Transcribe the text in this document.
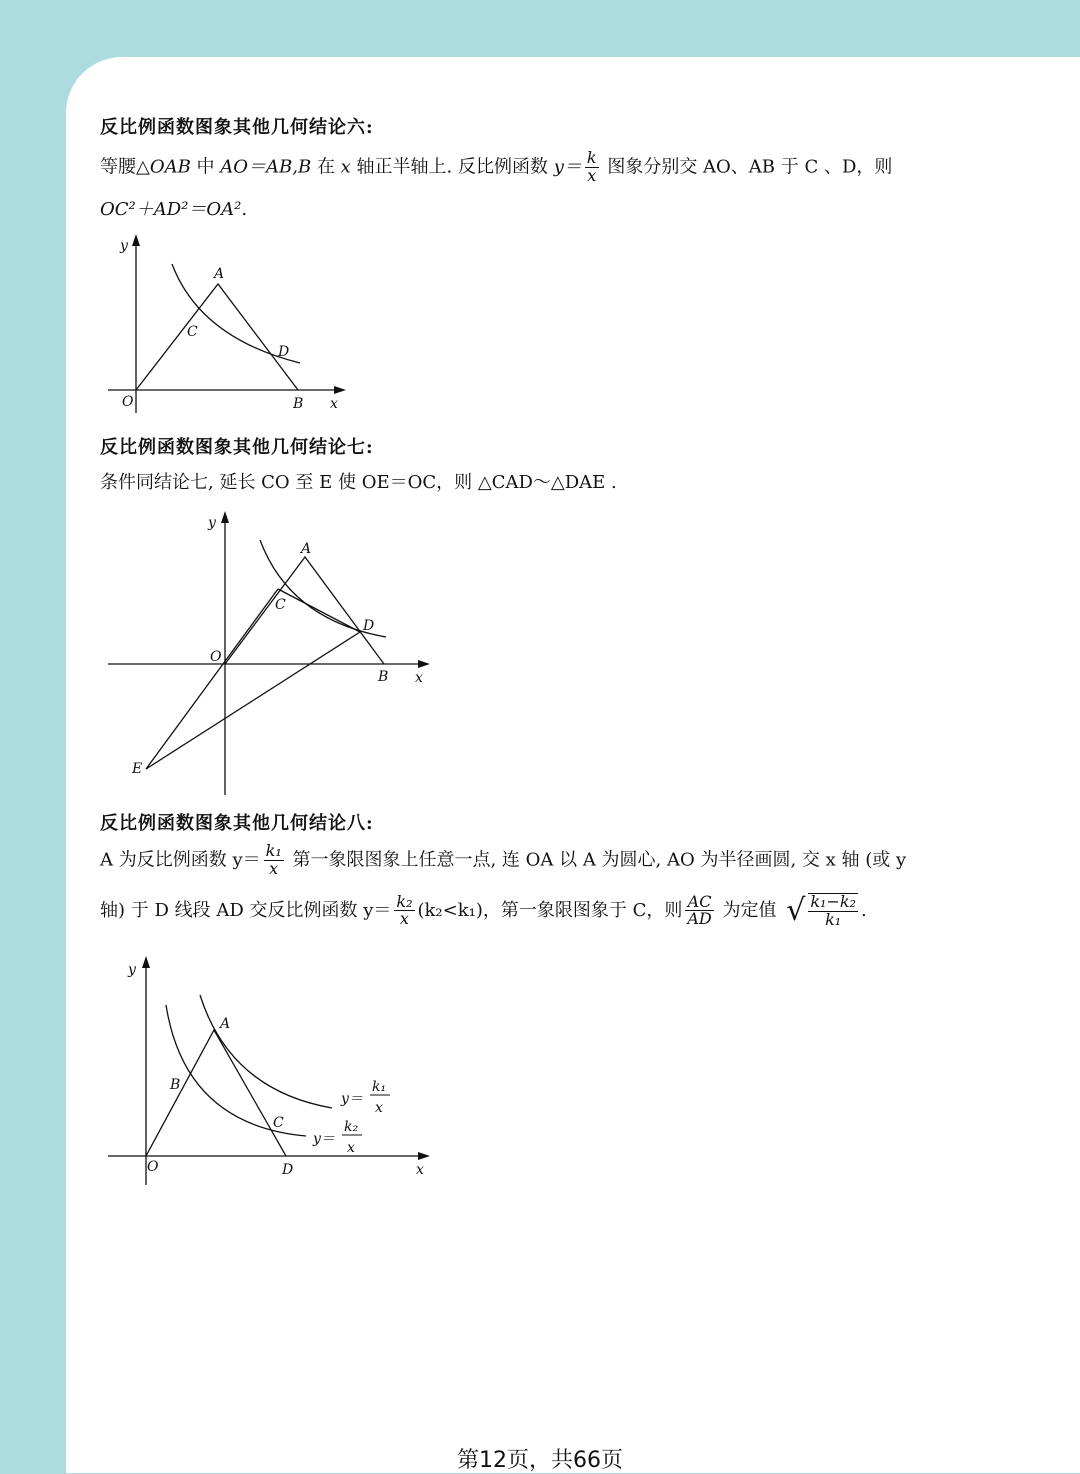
反比例函数图象其他几何结论六:
等腰△OAB 中 AO＝AB,B 在 x 轴正半轴上. 反比例函数 $y= \frac{k}{x}$ 图象分别交 AO、AB 于 C 、D，则
OC²＋AD²＝OA².
y
x
O
A
B
C
D
反比例函数图象其他几何结论七:
条件同结论七, 延长 CO 至 E 使 OE＝OC，则 △CAD～△DAE .
y
x
O
A
B
C
D
E
反比例函数图象其他几何结论八:
A 为反比例函数 $y= \frac{\text{k₁}}{x}$ 第一象限图象上任意一点, 连 OA 以 A 为圆心, AO 为半径画圆, 交 x 轴 (或 y
轴) 于 D 线段 AD 交反比例函数 $y= \frac{\text{k₂}}{x} (k_2<k_1)$，第一象限图象于 C，则 $\frac{AC}{AD}$ 为定值 √ $\frac{\text{k₁−k₂}}{\text{k₁}}$ .
y
x
O
A
B
C
D
y＝
k₁
x
y＝
k₂
x
第12页，共66页
